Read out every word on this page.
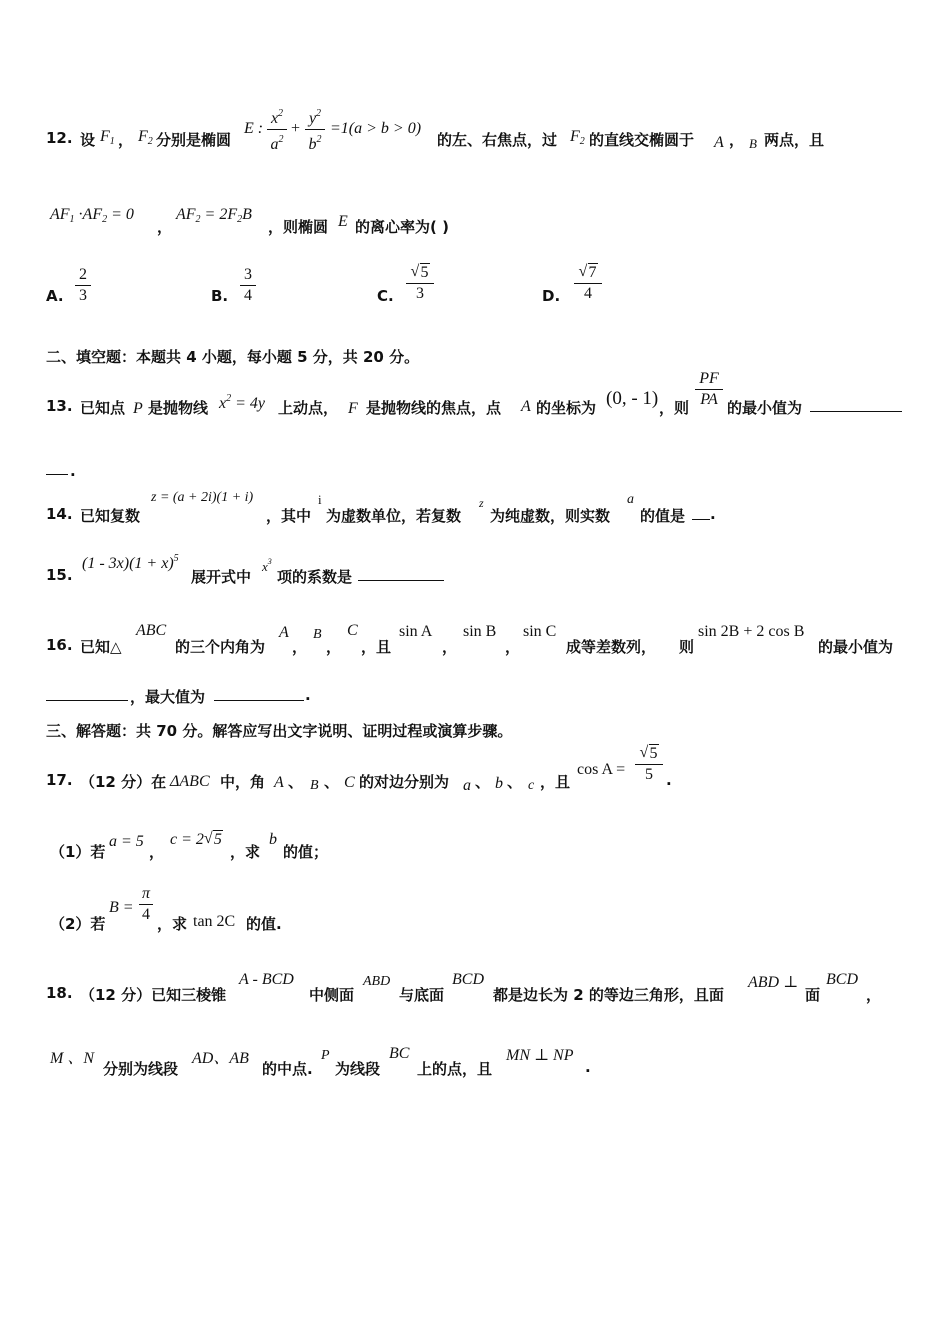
12. 设 $F_1$ ， $F_2$ 分别是椭圆
E :
$x^2$
$a^2$
+
$y^2$
$b^2$
=1(a > b > 0)
的左、右焦点，过 $F_2$ 的直线交椭圆于 A ， B 两点，且
$AF_1 \cdot AF_2 = 0$
，
$AF_2 = 2F_2B$
，则椭圆 E 的离心率为( )
A.
2
3	B.
3
4	C.
√ 5
3	D.
√ 7
4
二、填空题：本题共 4 小题，每小题 5 分，共 20 分。
13. 已知点 P 是抛物线 $x^2 = 4y$ 上动点， F 是抛物线的焦点，点 A 的坐标为 (0, - 1) ，则
PF
PA 的最小值为
.
14. 已知复数
z = (a + 2i)(1 + i)
，其中
i
为虚数单位，若复数
z
为纯虚数，则实数
a
的值是 .
15.
$(1 - 3x)(1 + x)^5$
展开式中
$x^3$
项的系数是
16. 已知△
ABC
的三个内角为
A
，
B
，
C
，且
sin A
，
sin B
，
sin C
成等差数列， 则
sin 2B + 2 cos B
的最小值为
，最大值为	.
三、解答题：共 70 分。解答应写出文字说明、证明过程或演算步骤。
17. （12 分）在 ΔABC 中，角 A 、 B 、 C 的对边分别为 a 、 b 、 c ，且
cos A =
√ 5
5 .
（1）若
a = 5
，
c = 2√ 5
，求
b
的值；
（2）若
B =
π
4
，求 tan 2C 的值.
18. （12 分）已知三棱锥
A - BCD
中侧面
ABD
与底面
BCD
都是边长为 2 的等边三角形，且面
ABD ⊥
面
BCD
，
M 、N
分别为线段
AD、AB
的中点.
P
为线段
BC
上的点，且
MN ⊥ NP
.
